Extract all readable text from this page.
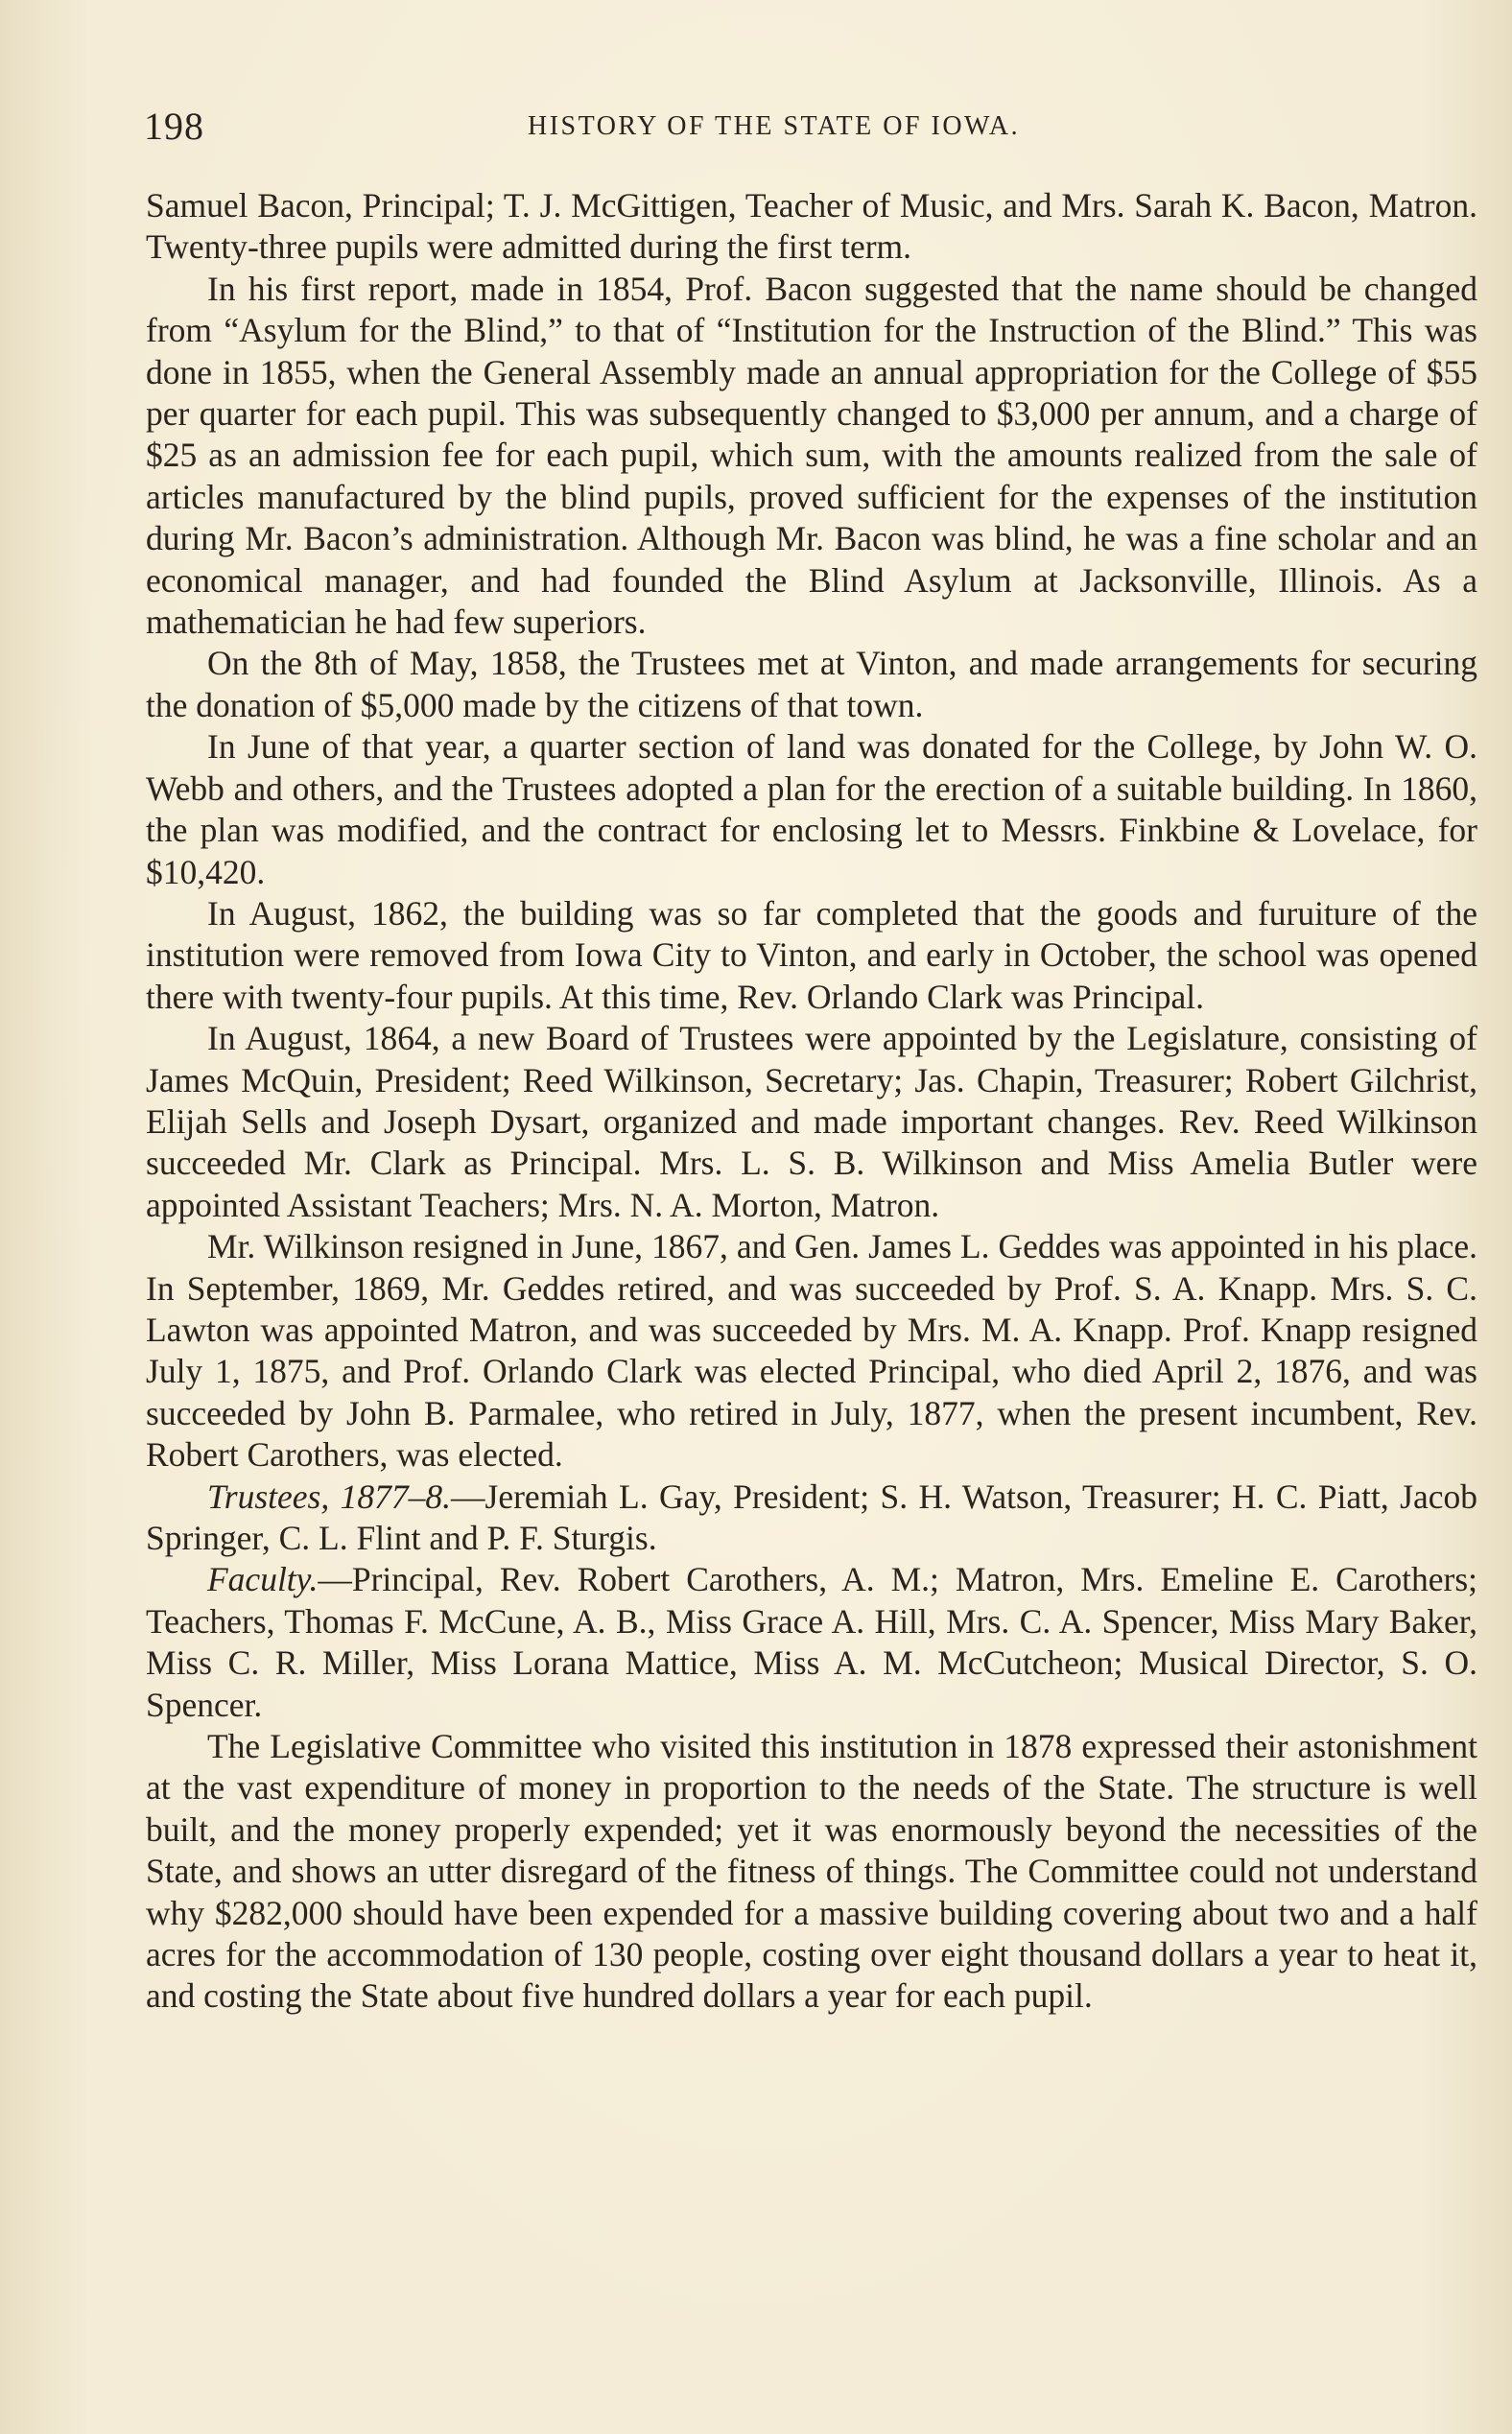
198	HISTORY OF THE STATE OF IOWA.

Samuel Bacon, Principal; T. J. McGittigen, Teacher of Music, and Mrs. Sarah K. Bacon, Matron. Twenty-three pupils were admitted during the first term.

In his first report, made in 1854, Prof. Bacon suggested that the name should be changed from “Asylum for the Blind,” to that of “Institution for the Instruction of the Blind.” This was done in 1855, when the General Assembly made an annual appropriation for the College of $55 per quarter for each pupil. This was subsequently changed to $3,000 per annum, and a charge of $25 as an admission fee for each pupil, which sum, with the amounts realized from the sale of articles manufactured by the blind pupils, proved sufficient for the expenses of the institution during Mr. Bacon’s administration. Although Mr. Bacon was blind, he was a fine scholar and an economical manager, and had founded the Blind Asylum at Jacksonville, Illinois. As a mathematician he had few superiors.

On the 8th of May, 1858, the Trustees met at Vinton, and made arrangements for securing the donation of $5,000 made by the citizens of that town.

In June of that year, a quarter section of land was donated for the College, by John W. O. Webb and others, and the Trustees adopted a plan for the erection of a suitable building. In 1860, the plan was modified, and the contract for enclosing let to Messrs. Finkbine & Lovelace, for $10,420.

In August, 1862, the building was so far completed that the goods and furuiture of the institution were removed from Iowa City to Vinton, and early in October, the school was opened there with twenty-four pupils. At this time, Rev. Orlando Clark was Principal.

In August, 1864, a new Board of Trustees were appointed by the Legislature, consisting of James McQuin, President; Reed Wilkinson, Secretary; Jas. Chapin, Treasurer; Robert Gilchrist, Elijah Sells and Joseph Dysart, organized and made important changes. Rev. Reed Wilkinson succeeded Mr. Clark as Principal. Mrs. L. S. B. Wilkinson and Miss Amelia Butler were appointed Assistant Teachers; Mrs. N. A. Morton, Matron.

Mr. Wilkinson resigned in June, 1867, and Gen. James L. Geddes was appointed in his place. In September, 1869, Mr. Geddes retired, and was succeeded by Prof. S. A. Knapp. Mrs. S. C. Lawton was appointed Matron, and was succeeded by Mrs. M. A. Knapp. Prof. Knapp resigned July 1, 1875, and Prof. Orlando Clark was elected Principal, who died April 2, 1876, and was succeeded by John B. Parmalee, who retired in July, 1877, when the present incumbent, Rev. Robert Carothers, was elected.

Trustees, 1877–8.—Jeremiah L. Gay, President; S. H. Watson, Treasurer; H. C. Piatt, Jacob Springer, C. L. Flint and P. F. Sturgis.

Faculty.—Principal, Rev. Robert Carothers, A. M.; Matron, Mrs. Emeline E. Carothers; Teachers, Thomas F. McCune, A. B., Miss Grace A. Hill, Mrs. C. A. Spencer, Miss Mary Baker, Miss C. R. Miller, Miss Lorana Mattice, Miss A. M. McCutcheon; Musical Director, S. O. Spencer.

The Legislative Committee who visited this institution in 1878 expressed their astonishment at the vast expenditure of money in proportion to the needs of the State. The structure is well built, and the money properly expended; yet it was enormously beyond the necessities of the State, and shows an utter disregard of the fitness of things. The Committee could not understand why $282,000 should have been expended for a massive building covering about two and a half acres for the accommodation of 130 people, costing over eight thousand dollars a year to heat it, and costing the State about five hundred dollars a year for each pupil.
